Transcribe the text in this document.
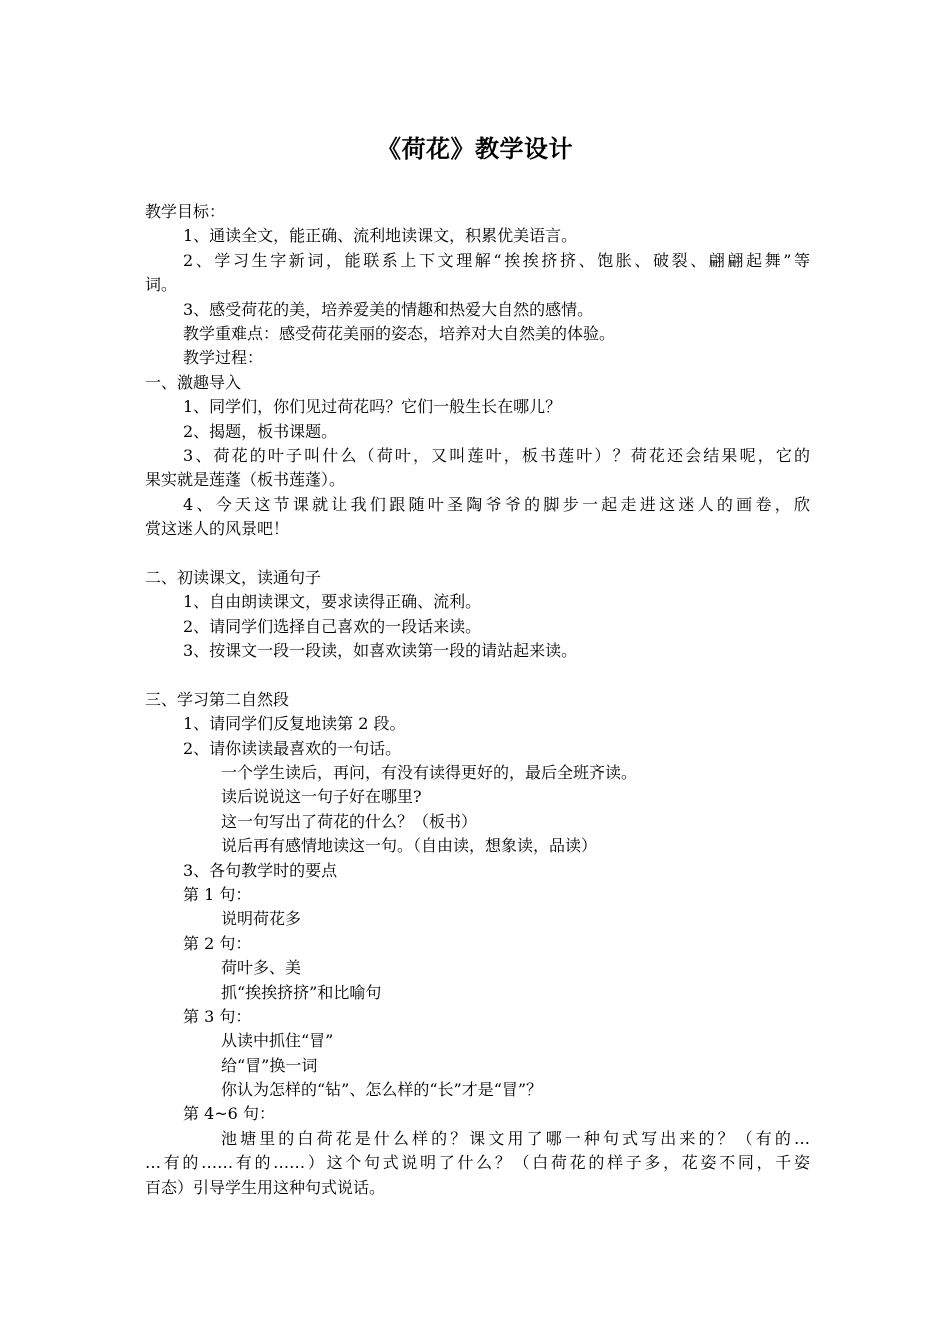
《荷花》教学设计
教学目标：
1、通读全文，能正确、流利地读课文，积累优美语言。
2、学习生字新词，能联系上下文理解“挨挨挤挤、饱胀、破裂、翩翩起舞”等
词。
3、感受荷花的美，培养爱美的情趣和热爱大自然的感情。
教学重难点：感受荷花美丽的姿态，培养对大自然美的体验。
教学过程：
一、激趣导入
1、同学们，你们见过荷花吗？它们一般生长在哪儿？
2、揭题，板书课题。
3、荷花的叶子叫什么（荷叶，又叫莲叶，板书莲叶）？荷花还会结果呢，它的
果实就是莲蓬（板书莲蓬）。
4、今天这节课就让我们跟随叶圣陶爷爷的脚步一起走进这迷人的画卷，欣
赏这迷人的风景吧！
二、初读课文，读通句子
1、自由朗读课文，要求读得正确、流利。
2、请同学们选择自己喜欢的一段话来读。
3、按课文一段一段读，如喜欢读第一段的请站起来读。
三、学习第二自然段
1、请同学们反复地读第 2 段。
2、请你读读最喜欢的一句话。
一个学生读后，再问，有没有读得更好的，最后全班齐读。
读后说说这一句子好在哪里?
这一句写出了荷花的什么？（板书）
说后再有感情地读这一句。（自由读，想象读，品读）
3、各句教学时的要点
第 1 句：
说明荷花多
第 2 句：
荷叶多、美
抓“挨挨挤挤”和比喻句
第 3 句：
从读中抓住“冒”
给“冒”换一词
你认为怎样的“钻”、怎么样的“长”才是“冒”？
第 4~6 句：
池塘里的白荷花是什么样的？课文用了哪一种句式写出来的？（有的…
…有的……有的……）这个句式说明了什么？（白荷花的样子多，花姿不同，千姿
百态）引导学生用这种句式说话。
